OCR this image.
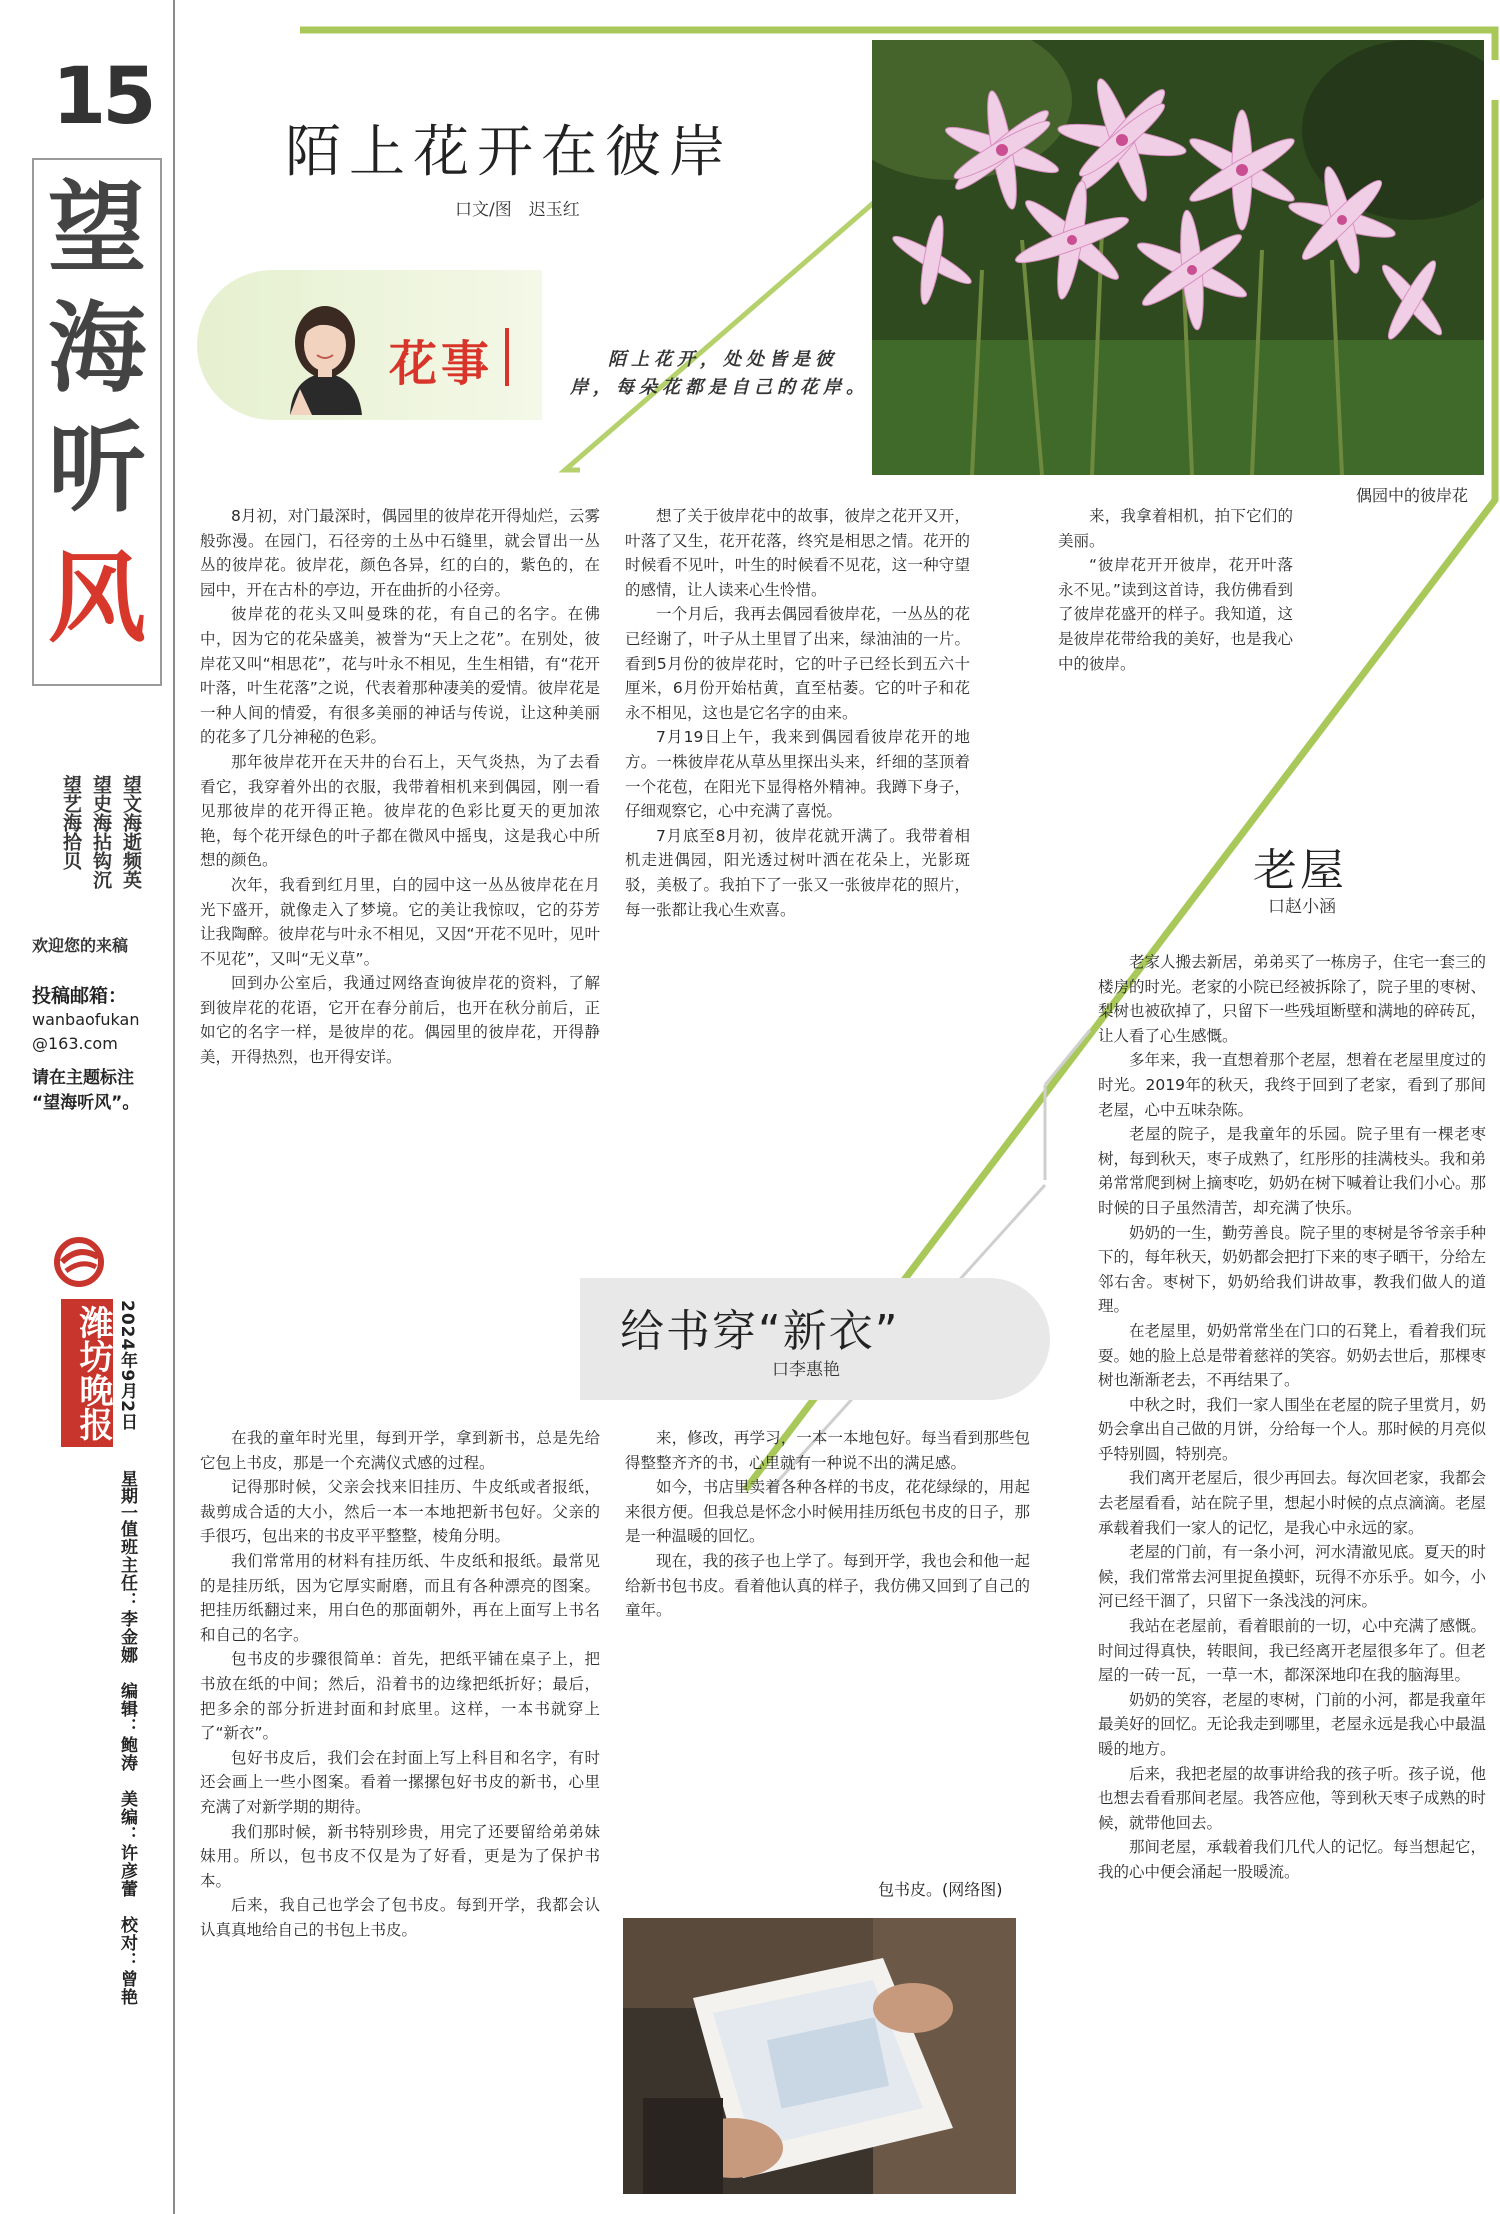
15
望
海
听
风
望文海逝频英
望史海拈钩沉
望艺海拾贝
欢迎您的来稿
投稿邮箱：
wanbaofukan
@163.com
请在主题标注
“望海听风”。
潍坊晚报 2024年9月2日
星期一
值班主任：李金娜　编辑：鲍涛　美编：许彦蕾　校对：曾艳
陌上花开在彼岸
口文/图　迟玉红
花事	陌上花开，处处皆是彼
岸，每朵花都是自己的花岸。
偶园中的彼岸花

8月初，对门最深时，偶园里的彼岸花开得灿烂，云雾般弥漫。在园门，石径旁的土丛中石缝里，就会冒出一丛丛的彼岸花。彼岸花，颜色各异，红的白的，紫色的，在园中，开在古朴的亭边，开在曲折的小径旁。

彼岸花的花头又叫曼珠的花，有自己的名字。在佛中，因为它的花朵盛美，被誉为“天上之花”。在别处，彼岸花又叫“相思花”，花与叶永不相见，生生相错，有“花开叶落，叶生花落”之说，代表着那种凄美的爱情。彼岸花是一种人间的情爱，有很多美丽的神话与传说，让这种美丽的花多了几分神秘的色彩。

那年彼岸花开在天井的台石上，天气炎热，为了去看看它，我穿着外出的衣服，我带着相机来到偶园，刚一看见那彼岸的花开得正艳。彼岸花的色彩比夏天的更加浓艳，每个花开绿色的叶子都在微风中摇曳，这是我心中所想的颜色。

次年，我看到红月里，白的园中这一丛丛彼岸花在月光下盛开，就像走入了梦境。它的美让我惊叹，它的芬芳让我陶醉。彼岸花与叶永不相见，又因“开花不见叶，见叶不见花”，又叫“无义草”。

回到办公室后，我通过网络查询彼岸花的资料，了解到彼岸花的花语，它开在春分前后，也开在秋分前后，正如它的名字一样，是彼岸的花。偶园里的彼岸花，开得静美，开得热烈，也开得安详。

想了关于彼岸花中的故事，彼岸之花开又开，叶落了又生，花开花落，终究是相思之情。花开的时候看不见叶，叶生的时候看不见花，这一种守望的感情，让人读来心生怜惜。

一个月后，我再去偶园看彼岸花，一丛丛的花已经谢了，叶子从土里冒了出来，绿油油的一片。看到5月份的彼岸花时，它的叶子已经长到五六十厘米，6月份开始枯黄，直至枯萎。它的叶子和花永不相见，这也是它名字的由来。

7月19日上午，我来到偶园看彼岸花开的地方。一株彼岸花从草丛里探出头来，纤细的茎顶着一个花苞，在阳光下显得格外精神。我蹲下身子，仔细观察它，心中充满了喜悦。

7月底至8月初，彼岸花就开满了。我带着相机走进偶园，阳光透过树叶洒在花朵上，光影斑驳，美极了。我拍下了一张又一张彼岸花的照片，每一张都让我心生欢喜。

来，我拿着相机，拍下它们的美丽。

“彼岸花开开彼岸，花开叶落永不见。”读到这首诗，我仿佛看到了彼岸花盛开的样子。我知道，这是彼岸花带给我的美好，也是我心中的彼岸。

老屋
口赵小涵

老家人搬去新居，弟弟买了一栋房子，住宅一套三的楼房的时光。老家的小院已经被拆除了，院子里的枣树、梨树也被砍掉了，只留下一些残垣断壁和满地的碎砖瓦，让人看了心生感慨。

多年来，我一直想着那个老屋，想着在老屋里度过的时光。2019年的秋天，我终于回到了老家，看到了那间老屋，心中五味杂陈。

老屋的院子，是我童年的乐园。院子里有一棵老枣树，每到秋天，枣子成熟了，红彤彤的挂满枝头。我和弟弟常常爬到树上摘枣吃，奶奶在树下喊着让我们小心。那时候的日子虽然清苦，却充满了快乐。

奶奶的一生，勤劳善良。院子里的枣树是爷爷亲手种下的，每年秋天，奶奶都会把打下来的枣子晒干，分给左邻右舍。枣树下，奶奶给我们讲故事，教我们做人的道理。

在老屋里，奶奶常常坐在门口的石凳上，看着我们玩耍。她的脸上总是带着慈祥的笑容。奶奶去世后，那棵枣树也渐渐老去，不再结果了。

中秋之时，我们一家人围坐在老屋的院子里赏月，奶奶会拿出自己做的月饼，分给每一个人。那时候的月亮似乎特别圆，特别亮。

我们离开老屋后，很少再回去。每次回老家，我都会去老屋看看，站在院子里，想起小时候的点点滴滴。老屋承载着我们一家人的记忆，是我心中永远的家。

老屋的门前，有一条小河，河水清澈见底。夏天的时候，我们常常去河里捉鱼摸虾，玩得不亦乐乎。如今，小河已经干涸了，只留下一条浅浅的河床。

我站在老屋前，看着眼前的一切，心中充满了感慨。时间过得真快，转眼间，我已经离开老屋很多年了。但老屋的一砖一瓦，一草一木，都深深地印在我的脑海里。

奶奶的笑容，老屋的枣树，门前的小河，都是我童年最美好的回忆。无论我走到哪里，老屋永远是我心中最温暖的地方。

后来，我把老屋的故事讲给我的孩子听。孩子说，他也想去看看那间老屋。我答应他，等到秋天枣子成熟的时候，就带他回去。

那间老屋，承载着我们几代人的记忆。每当想起它，我的心中便会涌起一股暖流。

给书穿“新衣”
口李惠艳

在我的童年时光里，每到开学，拿到新书，总是先给它包上书皮，那是一个充满仪式感的过程。

记得那时候，父亲会找来旧挂历、牛皮纸或者报纸，裁剪成合适的大小，然后一本一本地把新书包好。父亲的手很巧，包出来的书皮平平整整，棱角分明。

我们常常用的材料有挂历纸、牛皮纸和报纸。最常见的是挂历纸，因为它厚实耐磨，而且有各种漂亮的图案。把挂历纸翻过来，用白色的那面朝外，再在上面写上书名和自己的名字。

包书皮的步骤很简单：首先，把纸平铺在桌子上，把书放在纸的中间；然后，沿着书的边缘把纸折好；最后，把多余的部分折进封面和封底里。这样，一本书就穿上了“新衣”。

包好书皮后，我们会在封面上写上科目和名字，有时还会画上一些小图案。看着一摞摞包好书皮的新书，心里充满了对新学期的期待。

我们那时候，新书特别珍贵，用完了还要留给弟弟妹妹用。所以，包书皮不仅是为了好看，更是为了保护书本。

后来，我自己也学会了包书皮。每到开学，我都会认认真真地给自己的书包上书皮。

来，修改，再学习，一本一本地包好。每当看到那些包得整整齐齐的书，心里就有一种说不出的满足感。

如今，书店里卖着各种各样的书皮，花花绿绿的，用起来很方便。但我总是怀念小时候用挂历纸包书皮的日子，那是一种温暖的回忆。

现在，我的孩子也上学了。每到开学，我也会和他一起给新书包书皮。看着他认真的样子，我仿佛又回到了自己的童年。

包书皮。(网络图)
